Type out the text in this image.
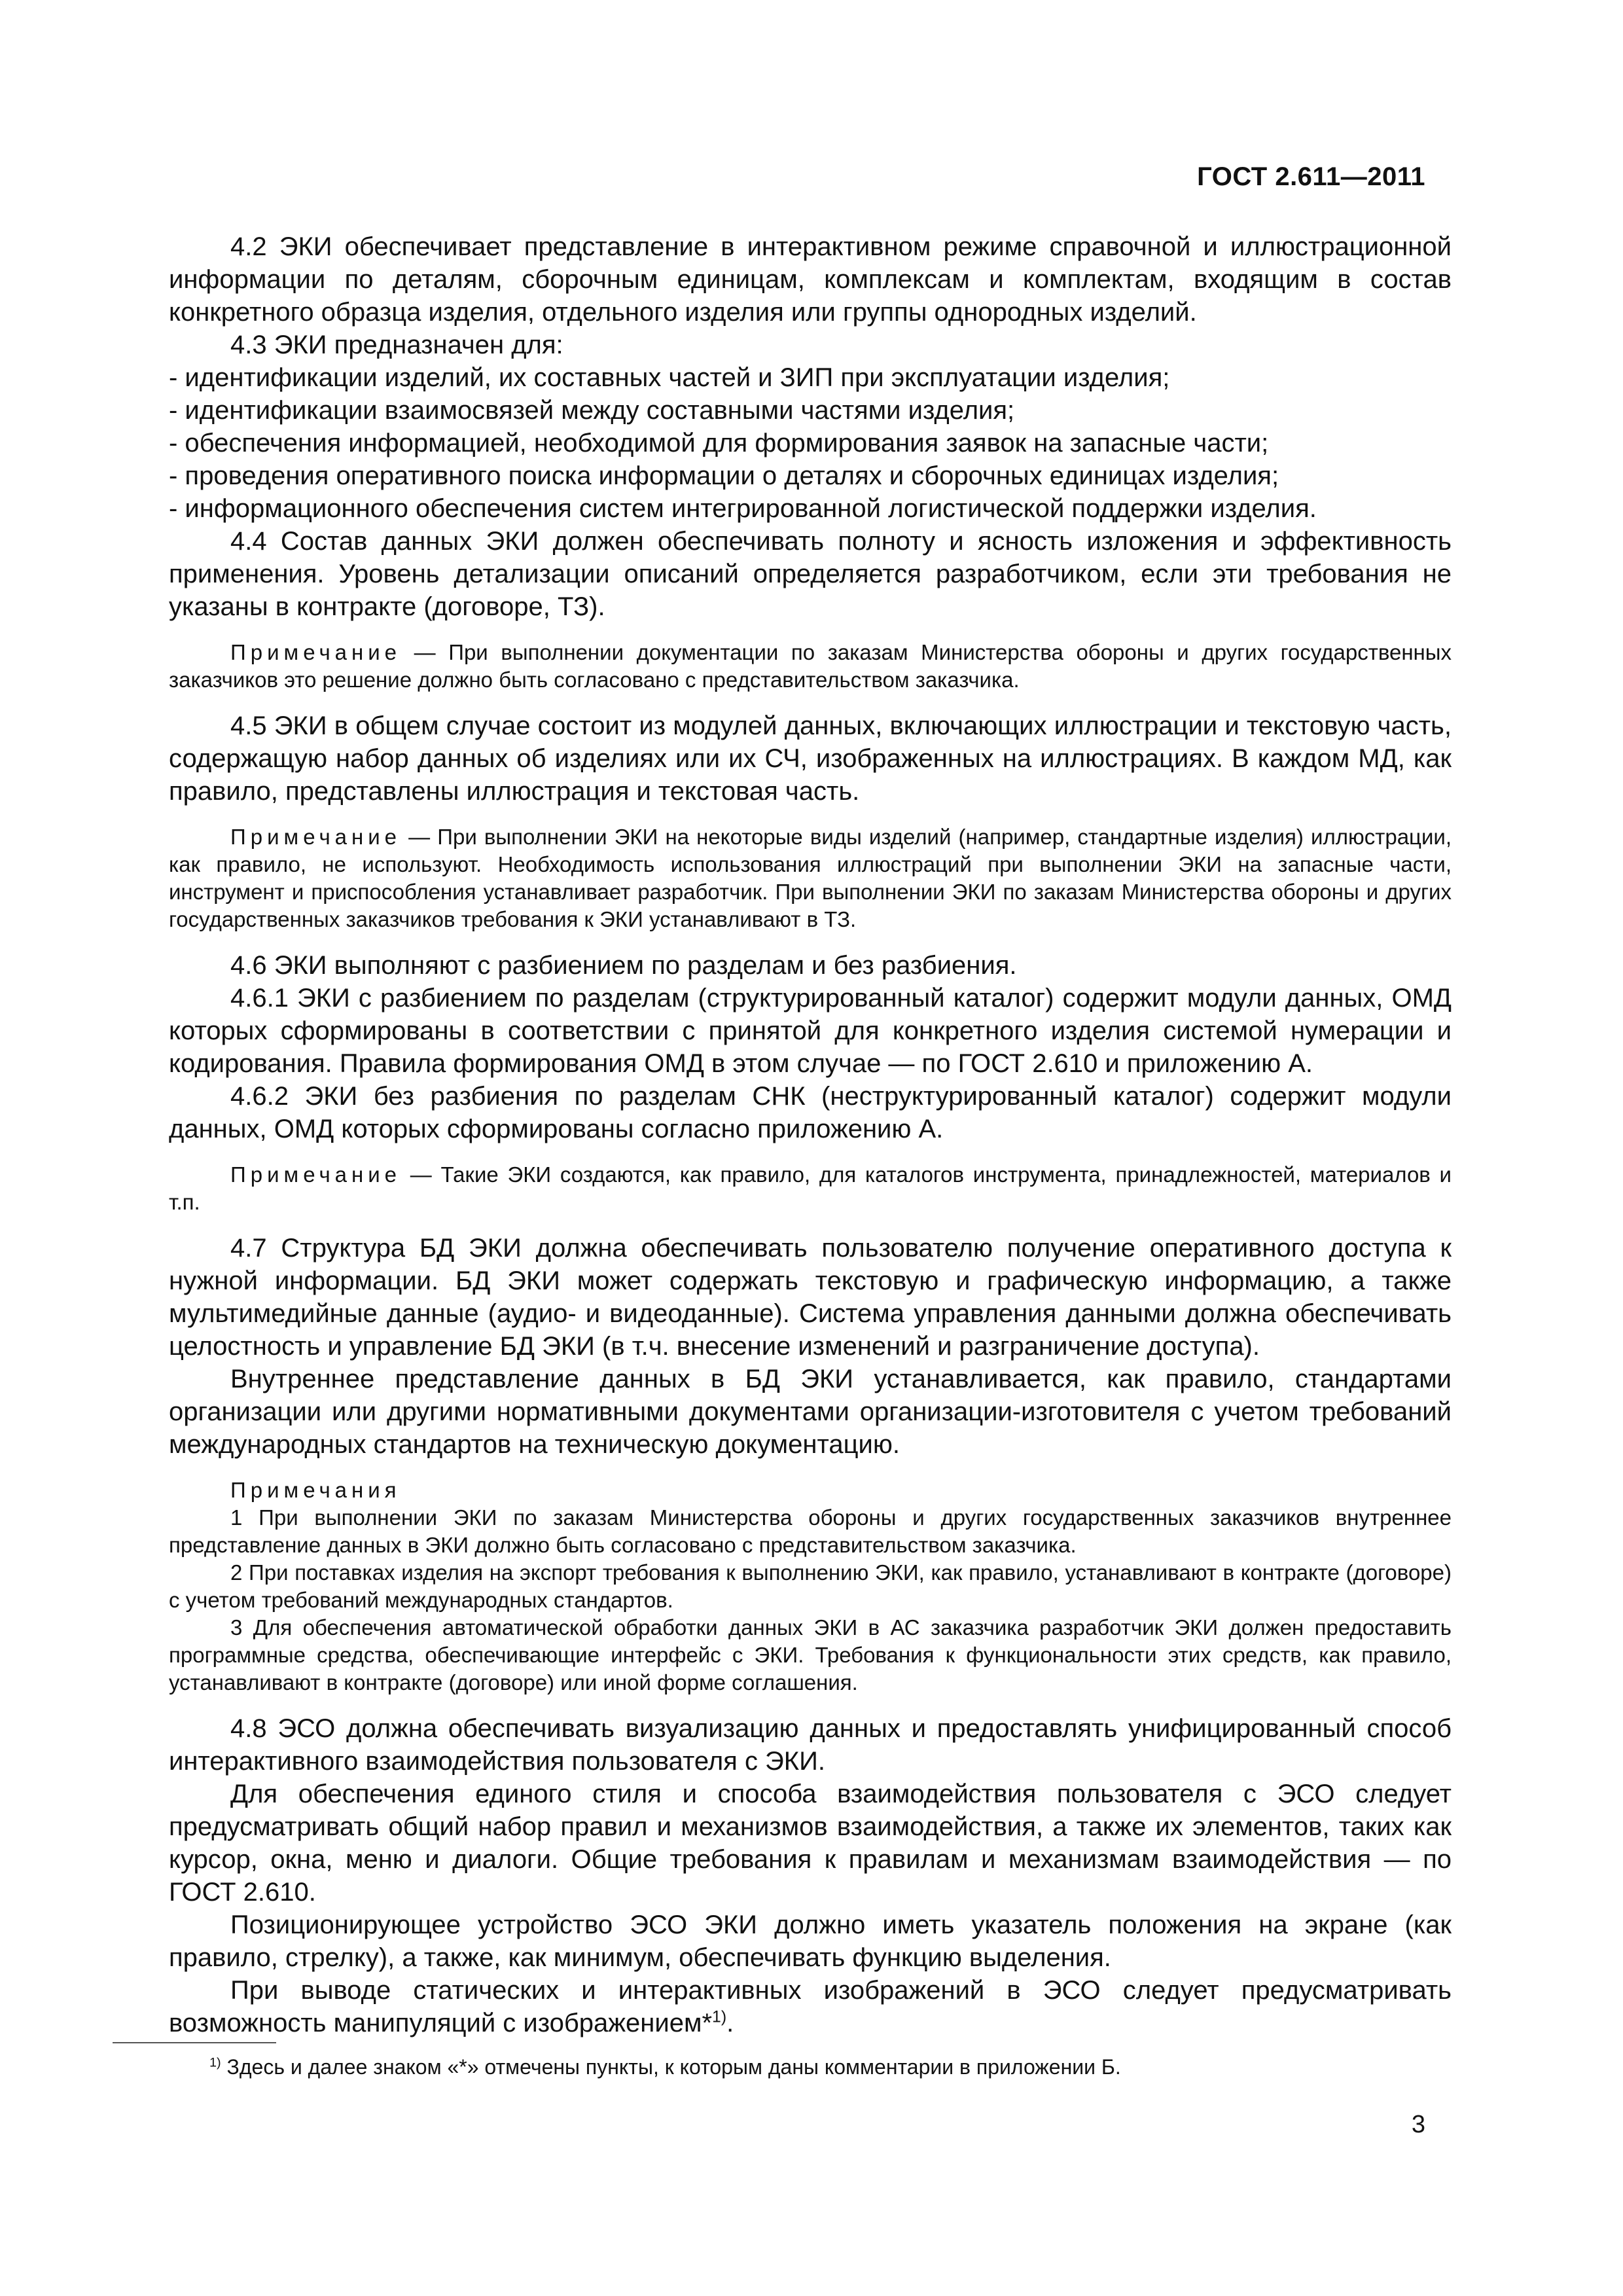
ГОСТ 2.611—2011

4.2 ЭКИ обеспечивает представление в интерактивном режиме справочной и иллюстрационной информации по деталям, сборочным единицам, комплексам и комплектам, входящим в состав конкретного образца изделия, отдельного изделия или группы однородных изделий.

4.3 ЭКИ предназначен для:

- идентификации изделий, их составных частей и ЗИП при эксплуатации изделия;

- идентификации взаимосвязей между составными частями изделия;

- обеспечения информацией, необходимой для формирования заявок на запасные части;

- проведения оперативного поиска информации о деталях и сборочных единицах изделия;

- информационного обеспечения систем интегрированной логистической поддержки изделия.

4.4 Состав данных ЭКИ должен обеспечивать полноту и ясность изложения и эффективность применения. Уровень детализации описаний определяется разработчиком, если эти требования не указаны в контракте (договоре, ТЗ).

Примечание — При выполнении документации по заказам Министерства обороны и других государственных заказчиков это решение должно быть согласовано с представительством заказчика.

4.5 ЭКИ в общем случае состоит из модулей данных, включающих иллюстрации и текстовую часть, содержащую набор данных об изделиях или их СЧ, изображенных на иллюстрациях. В каждом МД, как правило, представлены иллюстрация и текстовая часть.

Примечание — При выполнении ЭКИ на некоторые виды изделий (например, стандартные изделия) иллюстрации, как правило, не используют. Необходимость использования иллюстраций при выполнении ЭКИ на запасные части, инструмент и приспособления устанавливает разработчик. При выполнении ЭКИ по заказам Министерства обороны и других государственных заказчиков требования к ЭКИ устанавливают в ТЗ.

4.6 ЭКИ выполняют с разбиением по разделам и без разбиения.

4.6.1 ЭКИ с разбиением по разделам (структурированный каталог) содержит модули данных, ОМД которых сформированы в соответствии с принятой для конкретного изделия системой нумерации и кодирования. Правила формирования ОМД в этом случае — по ГОСТ 2.610 и приложению А.

4.6.2 ЭКИ без разбиения по разделам СНК (неструктурированный каталог) содержит модули данных, ОМД которых сформированы согласно приложению А.

Примечание — Такие ЭКИ создаются, как правило, для каталогов инструмента, принадлежностей, материалов и т.п.

4.7 Структура БД ЭКИ должна обеспечивать пользователю получение оперативного доступа к нужной информации. БД ЭКИ может содержать текстовую и графическую информацию, а также мультимедийные данные (аудио- и видеоданные). Система управления данными должна обеспечивать целостность и управление БД ЭКИ (в т.ч. внесение изменений и разграничение доступа).

Внутреннее представление данных в БД ЭКИ устанавливается, как правило, стандартами организации или другими нормативными документами организации-изготовителя с учетом требований международных стандартов на техническую документацию.

Примечания

1 При выполнении ЭКИ по заказам Министерства обороны и других государственных заказчиков внутреннее представление данных в ЭКИ должно быть согласовано с представительством заказчика.

2 При поставках изделия на экспорт требования к выполнению ЭКИ, как правило, устанавливают в контракте (договоре) с учетом требований международных стандартов.

3 Для обеспечения автоматической обработки данных ЭКИ в АС заказчика разработчик ЭКИ должен предоставить программные средства, обеспечивающие интерфейс с ЭКИ. Требования к функциональности этих средств, как правило, устанавливают в контракте (договоре) или иной форме соглашения.

4.8 ЭСО должна обеспечивать визуализацию данных и предоставлять унифицированный способ интерактивного взаимодействия пользователя с ЭКИ.

Для обеспечения единого стиля и способа взаимодействия пользователя с ЭСО следует предусматривать общий набор правил и механизмов взаимодействия, а также их элементов, таких как курсор, окна, меню и диалоги. Общие требования к правилам и механизмам взаимодействия — по ГОСТ 2.610.

Позиционирующее устройство ЭСО ЭКИ должно иметь указатель положения на экране (как правило, стрелку), а также, как минимум, обеспечивать функцию выделения.

При выводе статических и интерактивных изображений в ЭСО следует предусматривать возможность манипуляций с изображением*$^{1)}$.

$^{1)}$ Здесь и далее знаком «*» отмечены пункты, к которым даны комментарии в приложении Б.
3
